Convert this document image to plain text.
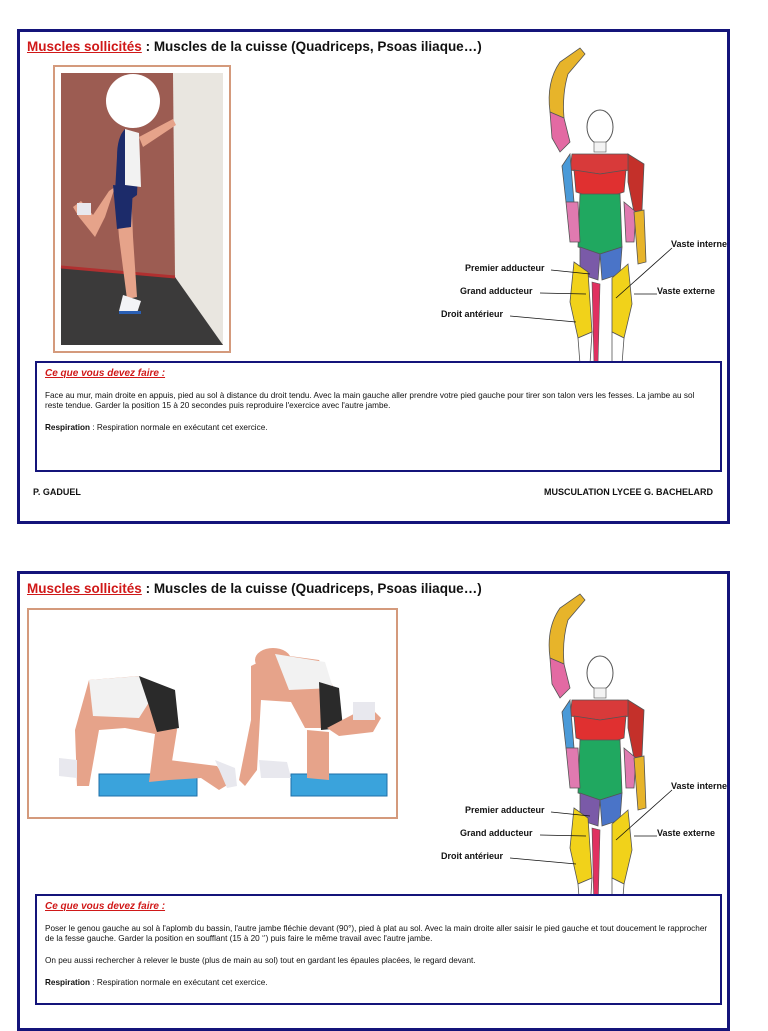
Muscles sollicités : Muscles de la cuisse (Quadriceps, Psoas iliaque…)
Vaste interne
Premier adducteur
Grand adducteur	Vaste externe
Droit antérieur
Ce que vous devez faire :

Face au mur, main droite en appuis, pied au sol à distance du droit tendu. Avec la main gauche aller prendre votre pied gauche pour tirer son talon vers les fesses. La jambe au sol reste tendue. Garder la position 15 à 20 secondes puis reproduire l'exercice avec l'autre jambe.

Respiration : Respiration normale en exécutant cet exercice.

P. GADUEL	MUSCULATION LYCEE G. BACHELARD
Muscles sollicités : Muscles de la cuisse (Quadriceps, Psoas iliaque…)
Vaste interne
Premier adducteur
Grand adducteur	Vaste externe
Droit antérieur
Ce que vous devez faire :

Poser le genou gauche au sol à l'aplomb du bassin, l'autre jambe fléchie devant (90°), pied à plat au sol. Avec la main droite aller saisir le pied gauche et tout doucement le rapprocher de la fesse gauche. Garder la position en soufflant (15 à 20 ‘’) puis faire le même travail avec l'autre jambe.

On peu aussi rechercher à relever le buste (plus de main au sol) tout en gardant les épaules placées, le regard devant.

Respiration : Respiration normale en exécutant cet exercice.
